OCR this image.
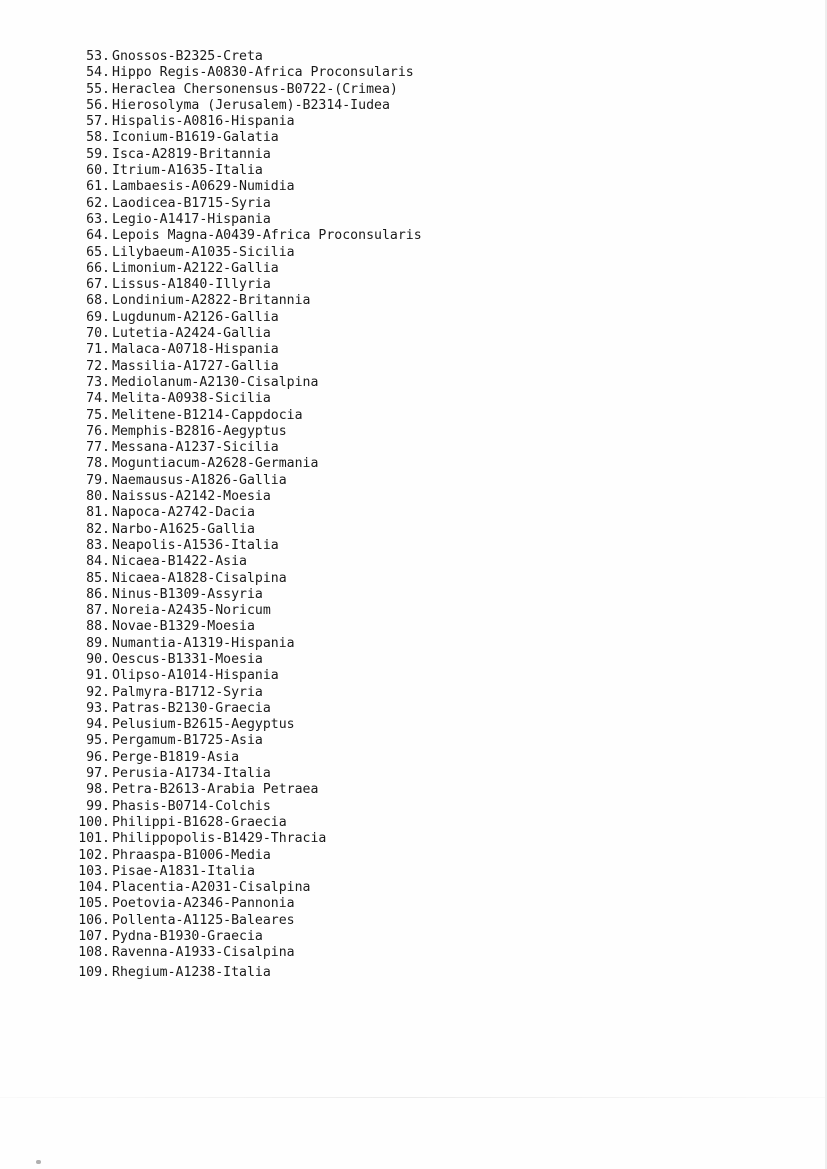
53. Gnossos-B2325-Creta
54. Hippo Regis-A0830-Africa Proconsularis
55. Heraclea Chersonensus-B0722-(Crimea)
56. Hierosolyma (Jerusalem)-B2314-Iudea
57. Hispalis-A0816-Hispania
58. Iconium-B1619-Galatia
59. Isca-A2819-Britannia
60. Itrium-A1635-Italia
61. Lambaesis-A0629-Numidia
62. Laodicea-B1715-Syria
63. Legio-A1417-Hispania
64. Lepois Magna-A0439-Africa Proconsularis
65. Lilybaeum-A1035-Sicilia
66. Limonium-A2122-Gallia
67. Lissus-A1840-Illyria
68. Londinium-A2822-Britannia
69. Lugdunum-A2126-Gallia
70. Lutetia-A2424-Gallia
71. Malaca-A0718-Hispania
72. Massilia-A1727-Gallia
73. Mediolanum-A2130-Cisalpina
74. Melita-A0938-Sicilia
75. Melitene-B1214-Cappdocia
76. Memphis-B2816-Aegyptus
77. Messana-A1237-Sicilia
78. Moguntiacum-A2628-Germania
79. Naemausus-A1826-Gallia
80. Naissus-A2142-Moesia
81. Napoca-A2742-Dacia
82. Narbo-A1625-Gallia
83. Neapolis-A1536-Italia
84. Nicaea-B1422-Asia
85. Nicaea-A1828-Cisalpina
86. Ninus-B1309-Assyria
87. Noreia-A2435-Noricum
88. Novae-B1329-Moesia
89. Numantia-A1319-Hispania
90. Oescus-B1331-Moesia
91. Olipso-A1014-Hispania
92. Palmyra-B1712-Syria
93. Patras-B2130-Graecia
94. Pelusium-B2615-Aegyptus
95. Pergamum-B1725-Asia
96. Perge-B1819-Asia
97. Perusia-A1734-Italia
98. Petra-B2613-Arabia Petraea
99. Phasis-B0714-Colchis
100. Philippi-B1628-Graecia
101. Philippopolis-B1429-Thracia
102. Phraaspa-B1006-Media
103. Pisae-A1831-Italia
104. Placentia-A2031-Cisalpina
105. Poetovia-A2346-Pannonia
106. Pollenta-A1125-Baleares
107. Pydna-B1930-Graecia
108. Ravenna-A1933-Cisalpina
109. Rhegium-A1238-Italia
